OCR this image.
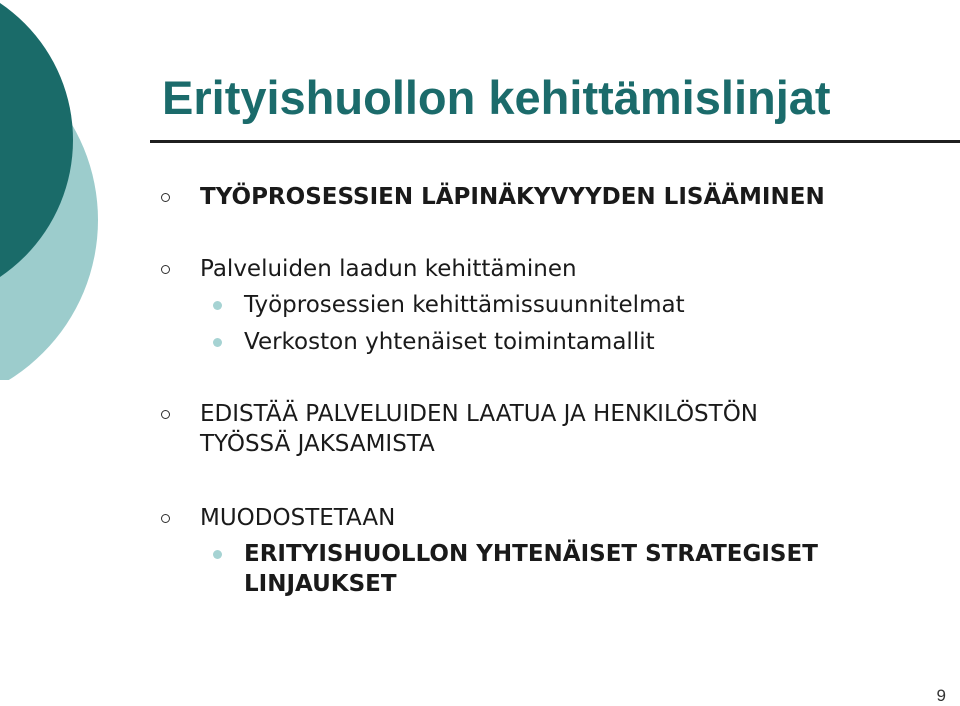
Erityishuollon kehittämislinjat
TYÖPROSESSIEN LÄPINÄKYVYYDEN LISÄÄMINEN
Palveluiden laadun kehittäminen
Työprosessien kehittämissuunnitelmat
Verkoston yhtenäiset toimintamallit
EDISTÄÄ PALVELUIDEN LAATUA JA HENKILÖSTÖN
TYÖSSÄ JAKSAMISTA
MUODOSTETAAN
ERITYISHUOLLON YHTENÄISET STRATEGISET
LINJAUKSET
9
